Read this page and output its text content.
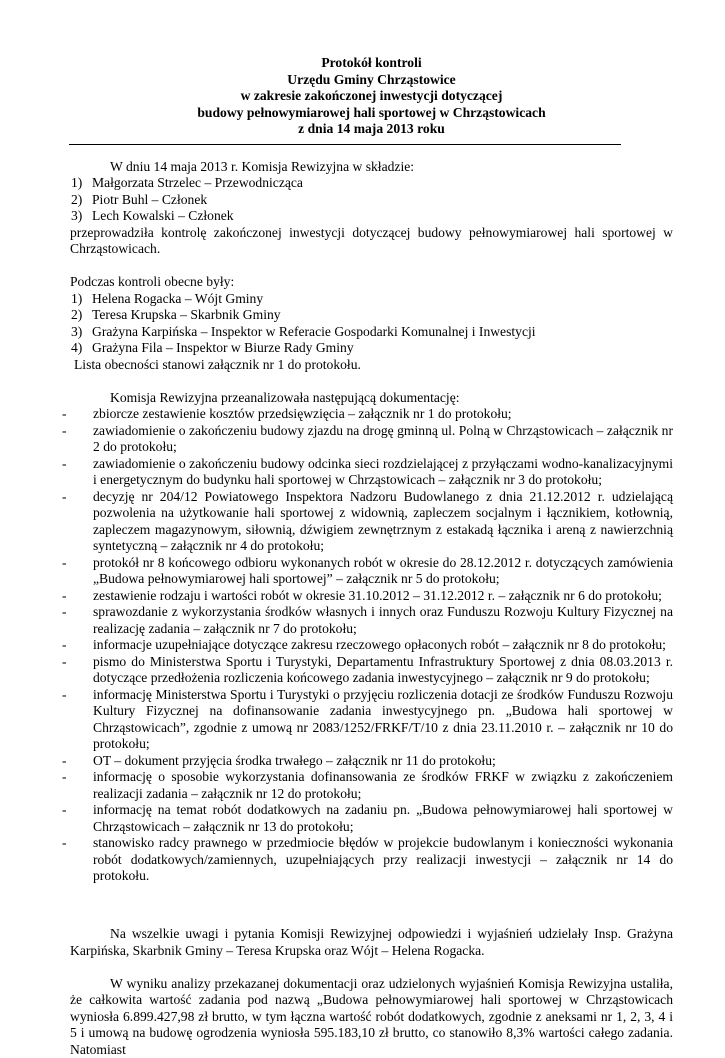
Protokół kontroli
Urzędu Gminy Chrząstowice
w zakresie zakończonej inwestycji dotyczącej
budowy pełnowymiarowej hali sportowej w Chrząstowicach
z dnia 14 maja 2013 roku

W dniu 14 maja 2013 r. Komisja Rewizyjna w składzie:

1) Małgorzata Strzelec – Przewodnicząca
2) Piotr Buhl – Członek
3) Lech Kowalski – Członek

przeprowadziła kontrolę zakończonej inwestycji dotyczącej budowy pełnowymiarowej hali sportowej w Chrząstowicach.

Podczas kontroli obecne były:

1) Helena Rogacka – Wójt Gminy
2) Teresa Krupska – Skarbnik Gminy
3) Grażyna Karpińska – Inspektor w Referacie Gospodarki Komunalnej i Inwestycji
4) Grażyna Fila – Inspektor w Biurze Rady Gminy

Lista obecności stanowi załącznik nr 1 do protokołu.

Komisja Rewizyjna przeanalizowała następującą dokumentację:

- zbiorcze zestawienie kosztów przedsięwzięcia – załącznik nr 1 do protokołu;
- zawiadomienie o zakończeniu budowy zjazdu na drogę gminną ul. Polną w Chrząstowicach – załącznik nr 2 do protokołu;
- zawiadomienie o zakończeniu budowy odcinka sieci rozdzielającej z przyłączami wodno-kanalizacyjnymi i energetycznym do budynku hali sportowej w Chrząstowicach – załącznik nr 3 do protokołu;
- decyzję nr 204/12 Powiatowego Inspektora Nadzoru Budowlanego z dnia 21.12.2012 r. udzielającą pozwolenia na użytkowanie hali sportowej z widownią, zapleczem socjalnym i łącznikiem, kotłownią, zapleczem magazynowym, siłownią, dźwigiem zewnętrznym z estakadą łącznika i areną z nawierzchnią syntetyczną – załącznik nr 4 do protokołu;
- protokół nr 8 końcowego odbioru wykonanych robót w okresie do 28.12.2012 r. dotyczących zamówienia „Budowa pełnowymiarowej hali sportowej” – załącznik nr 5 do protokołu;
- zestawienie rodzaju i wartości robót w okresie 31.10.2012 – 31.12.2012 r. – załącznik nr 6 do protokołu;
- sprawozdanie z wykorzystania środków własnych i innych oraz Funduszu Rozwoju Kultury Fizycznej na realizację zadania – załącznik nr 7 do protokołu;
- informacje uzupełniające dotyczące zakresu rzeczowego opłaconych robót – załącznik nr 8 do protokołu;
- pismo do Ministerstwa Sportu i Turystyki, Departamentu Infrastruktury Sportowej z dnia 08.03.2013 r. dotyczące przedłożenia rozliczenia końcowego zadania inwestycyjnego – załącznik nr 9 do protokołu;
- informację Ministerstwa Sportu i Turystyki o przyjęciu rozliczenia dotacji ze środków Funduszu Rozwoju Kultury Fizycznej na dofinansowanie zadania inwestycyjnego pn. „Budowa hali sportowej w Chrząstowicach”, zgodnie z umową nr 2083/1252/FRKF/T/10 z dnia 23.11.2010 r. – załącznik nr 10 do protokołu;
- OT – dokument przyjęcia środka trwałego – załącznik nr 11 do protokołu;
- informację o sposobie wykorzystania dofinansowania ze środków FRKF w związku z zakończeniem realizacji zadania – załącznik nr 12 do protokołu;
- informację na temat robót dodatkowych na zadaniu pn. „Budowa pełnowymiarowej hali sportowej w Chrząstowicach – załącznik nr 13 do protokołu;
- stanowisko radcy prawnego w przedmiocie błędów w projekcie budowlanym i konieczności wykonania robót dodatkowych/zamiennych, uzupełniających przy realizacji inwestycji – załącznik nr 14 do protokołu.

Na wszelkie uwagi i pytania Komisji Rewizyjnej odpowiedzi i wyjaśnień udzielały Insp. Grażyna Karpińska, Skarbnik Gminy – Teresa Krupska oraz Wójt – Helena Rogacka.

W wyniku analizy przekazanej dokumentacji oraz udzielonych wyjaśnień Komisja Rewizyjna ustaliła, że całkowita wartość zadania pod nazwą „Budowa pełnowymiarowej hali sportowej w Chrząstowicach wyniosła 6.899.427,98 zł brutto, w tym łączna wartość robót dodatkowych, zgodnie z aneksami nr 1, 2, 3, 4 i 5 i umową na budowę ogrodzenia wyniosła 595.183,10 zł brutto, co stanowiło 8,3% wartości całego zadania. Natomiast
